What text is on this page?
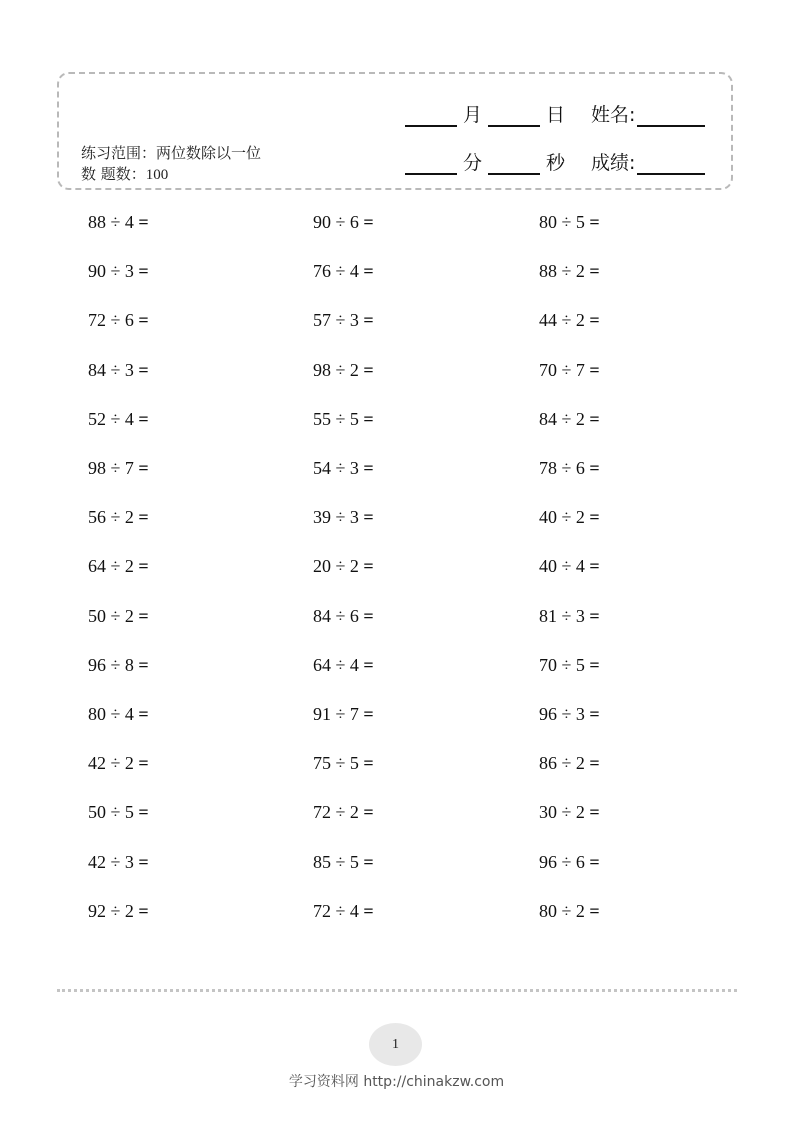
练习范围：两位数除以一位
数 题数：100
月	日 姓名:
分	秒 成绩:
88 ÷ 4 =
90 ÷ 3 =
72 ÷ 6 =
84 ÷ 3 =
52 ÷ 4 =
98 ÷ 7 =
56 ÷ 2 =
64 ÷ 2 =
50 ÷ 2 =
96 ÷ 8 =
80 ÷ 4 =
42 ÷ 2 =
50 ÷ 5 =
42 ÷ 3 =
92 ÷ 2 =
90 ÷ 6 =
76 ÷ 4 =
57 ÷ 3 =
98 ÷ 2 =
55 ÷ 5 =
54 ÷ 3 =
39 ÷ 3 =
20 ÷ 2 =
84 ÷ 6 =
64 ÷ 4 =
91 ÷ 7 =
75 ÷ 5 =
72 ÷ 2 =
85 ÷ 5 =
72 ÷ 4 =
80 ÷ 5 =
88 ÷ 2 =
44 ÷ 2 =
70 ÷ 7 =
84 ÷ 2 =
78 ÷ 6 =
40 ÷ 2 =
40 ÷ 4 =
81 ÷ 3 =
70 ÷ 5 =
96 ÷ 3 =
86 ÷ 2 =
30 ÷ 2 =
96 ÷ 6 =
80 ÷ 2 =
1
学习资料网 http://chinakzw.com
